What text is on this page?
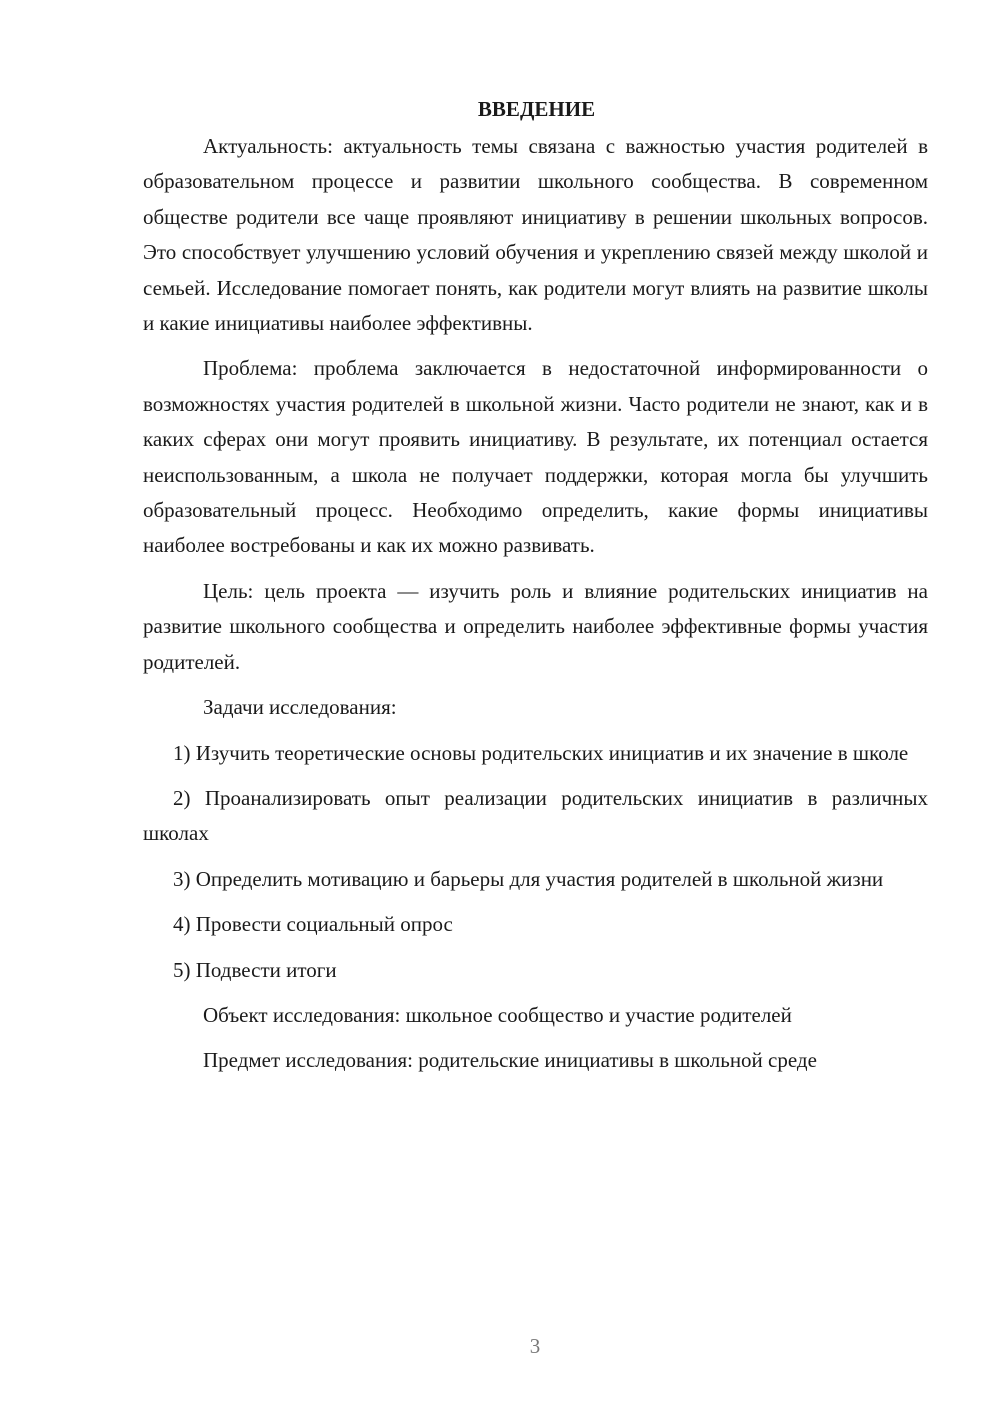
ВВЕДЕНИЕ

Актуальность: актуальность темы связана с важностью участия родителей в образовательном процессе и развитии школьного сообщества. В современном обществе родители все чаще проявляют инициативу в решении школьных вопросов. Это способствует улучшению условий обучения и укреплению связей между школой и семьей. Исследование помогает понять, как родители могут влиять на развитие школы и какие инициативы наиболее эффективны.

Проблема: проблема заключается в недостаточной информированности о возможностях участия родителей в школьной жизни. Часто родители не знают, как и в каких сферах они могут проявить инициативу. В результате, их потенциал остается неиспользованным, а школа не получает поддержки, которая могла бы улучшить образовательный процесс. Необходимо определить, какие формы инициативы наиболее востребованы и как их можно развивать.

Цель: цель проекта — изучить роль и влияние родительских инициатив на развитие школьного сообщества и определить наиболее эффективные формы участия родителей.

Задачи исследования:

1) Изучить теоретические основы родительских инициатив и их значение в школе

2) Проанализировать опыт реализации родительских инициатив в различных школах

3) Определить мотивацию и барьеры для участия родителей в школьной жизни

4) Провести социальный опрос

5) Подвести итоги

Объект исследования: школьное сообщество и участие родителей

Предмет исследования: родительские инициативы в школьной среде

3
